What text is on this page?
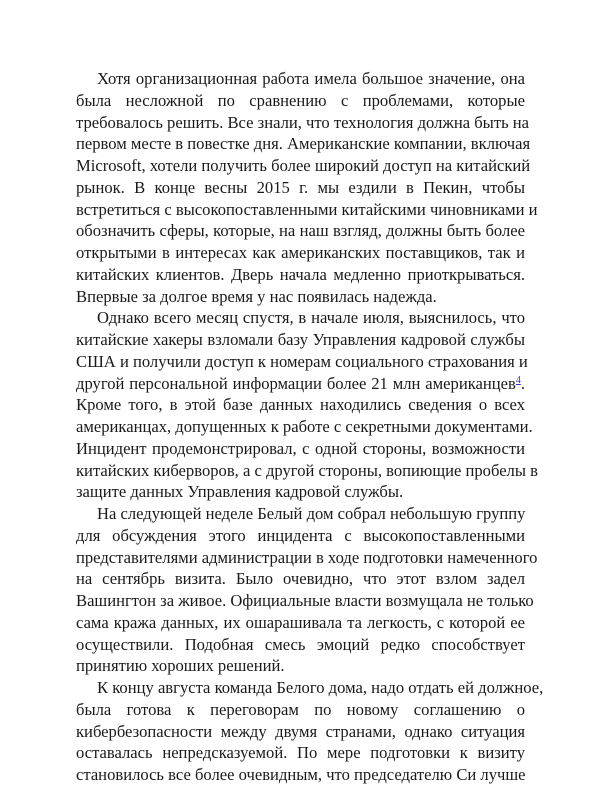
Хотя организационная работа имела большое значение, она
была несложной по сравнению с проблемами, которые
требовалось решить. Все знали, что технология должна быть на
первом месте в повестке дня. Американские компании, включая
Microsoft, хотели получить более широкий доступ на китайский
рынок. В конце весны 2015 г. мы ездили в Пекин, чтобы
встретиться с высокопоставленными китайскими чиновниками и
обозначить сферы, которые, на наш взгляд, должны быть более
открытыми в интересах как американских поставщиков, так и
китайских клиентов. Дверь начала медленно приоткрываться.
Впервые за долгое время у нас появилась надежда.

Однако всего месяц спустя, в начале июля, выяснилось, что
китайские хакеры взломали базу Управления кадровой службы
США и получили доступ к номерам социального страхования и
другой персональной информации более 21 млн американцев$^4$.
Кроме того, в этой базе данных находились сведения о всех
американцах, допущенных к работе с секретными документами.
Инцидент продемонстрировал, с одной стороны, возможности
китайских киберворов, а с другой стороны, вопиющие пробелы в
защите данных Управления кадровой службы.

На следующей неделе Белый дом собрал небольшую группу
для обсуждения этого инцидента с высокопоставленными
представителями администрации в ходе подготовки намеченного
на сентябрь визита. Было очевидно, что этот взлом задел
Вашингтон за живое. Официальные власти возмущала не только
сама кража данных, их ошарашивала та легкость, с которой ее
осуществили. Подобная смесь эмоций редко способствует
принятию хороших решений.

К концу августа команда Белого дома, надо отдать ей должное,
была готова к переговорам по новому соглашению о
кибербезопасности между двумя странами, однако ситуация
оставалась непредсказуемой. По мере подготовки к визиту
становилось все более очевидным, что председателю Си лучше
